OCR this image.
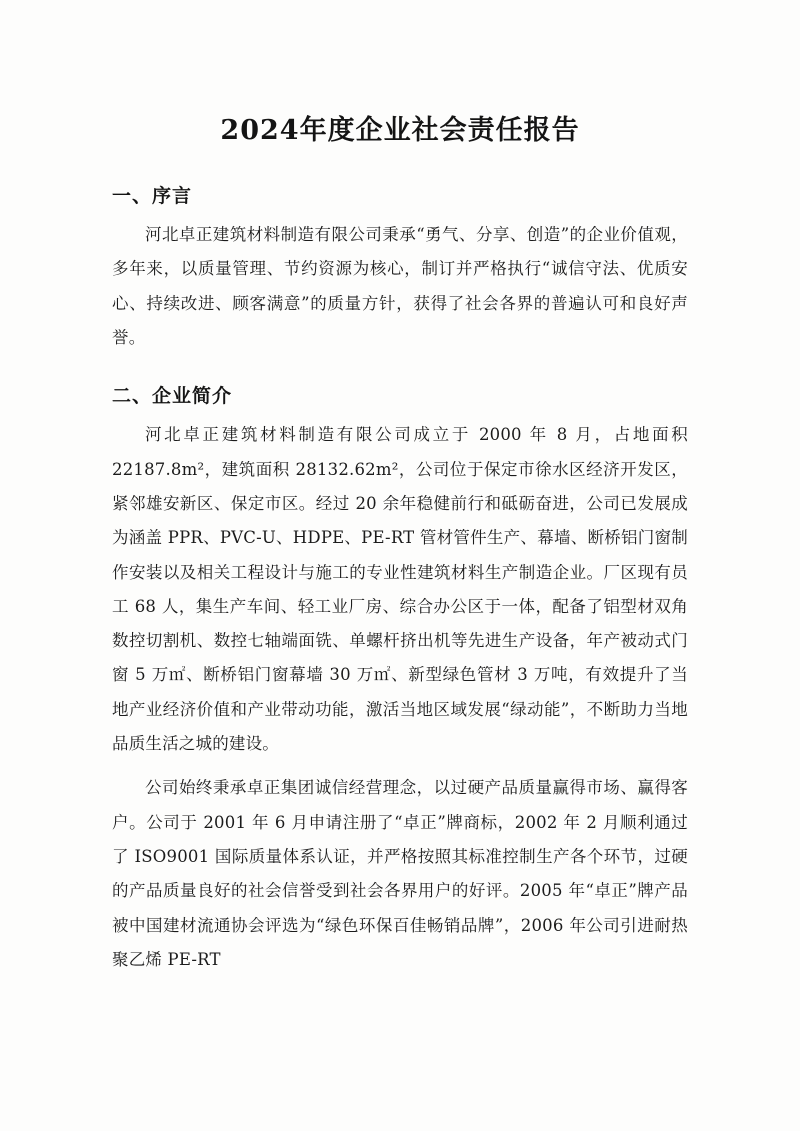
2024年度企业社会责任报告
一、序言

河北卓正建筑材料制造有限公司秉承“勇气、分享、创造”的企业价值观，多年来，以质量管理、节约资源为核心，制订并严格执行“诚信守法、优质安心、持续改进、顾客满意”的质量方针，获得了社会各界的普遍认可和良好声誉。

二、企业简介

河北卓正建筑材料制造有限公司成立于 2000 年 8 月，占地面积 22187.8m²，建筑面积 28132.62m²，公司位于保定市徐水区经济开发区，紧邻雄安新区、保定市区。经过 20 余年稳健前行和砥砺奋进，公司已发展成为涵盖 PPR、PVC-U、HDPE、PE-RT 管材管件生产、幕墙、断桥铝门窗制作安装以及相关工程设计与施工的专业性建筑材料生产制造企业。厂区现有员工 68 人，集生产车间、轻工业厂房、综合办公区于一体，配备了铝型材双角数控切割机、数控七轴端面铣、单螺杆挤出机等先进生产设备，年产被动式门窗 5 万㎡、断桥铝门窗幕墙 30 万㎡、新型绿色管材 3 万吨，有效提升了当地产业经济价值和产业带动功能，激活当地区域发展“绿动能”，不断助力当地品质生活之城的建设。

公司始终秉承卓正集团诚信经营理念，以过硬产品质量赢得市场、赢得客户。公司于 2001 年 6 月申请注册了“卓正”牌商标，2002 年 2 月顺利通过了 ISO9001 国际质量体系认证，并严格按照其标准控制生产各个环节，过硬的产品质量良好的社会信誉受到社会各界用户的好评。2005 年“卓正”牌产品被中国建材流通协会评选为“绿色环保百佳畅销品牌”，2006 年公司引进耐热聚乙烯 PE-RT
